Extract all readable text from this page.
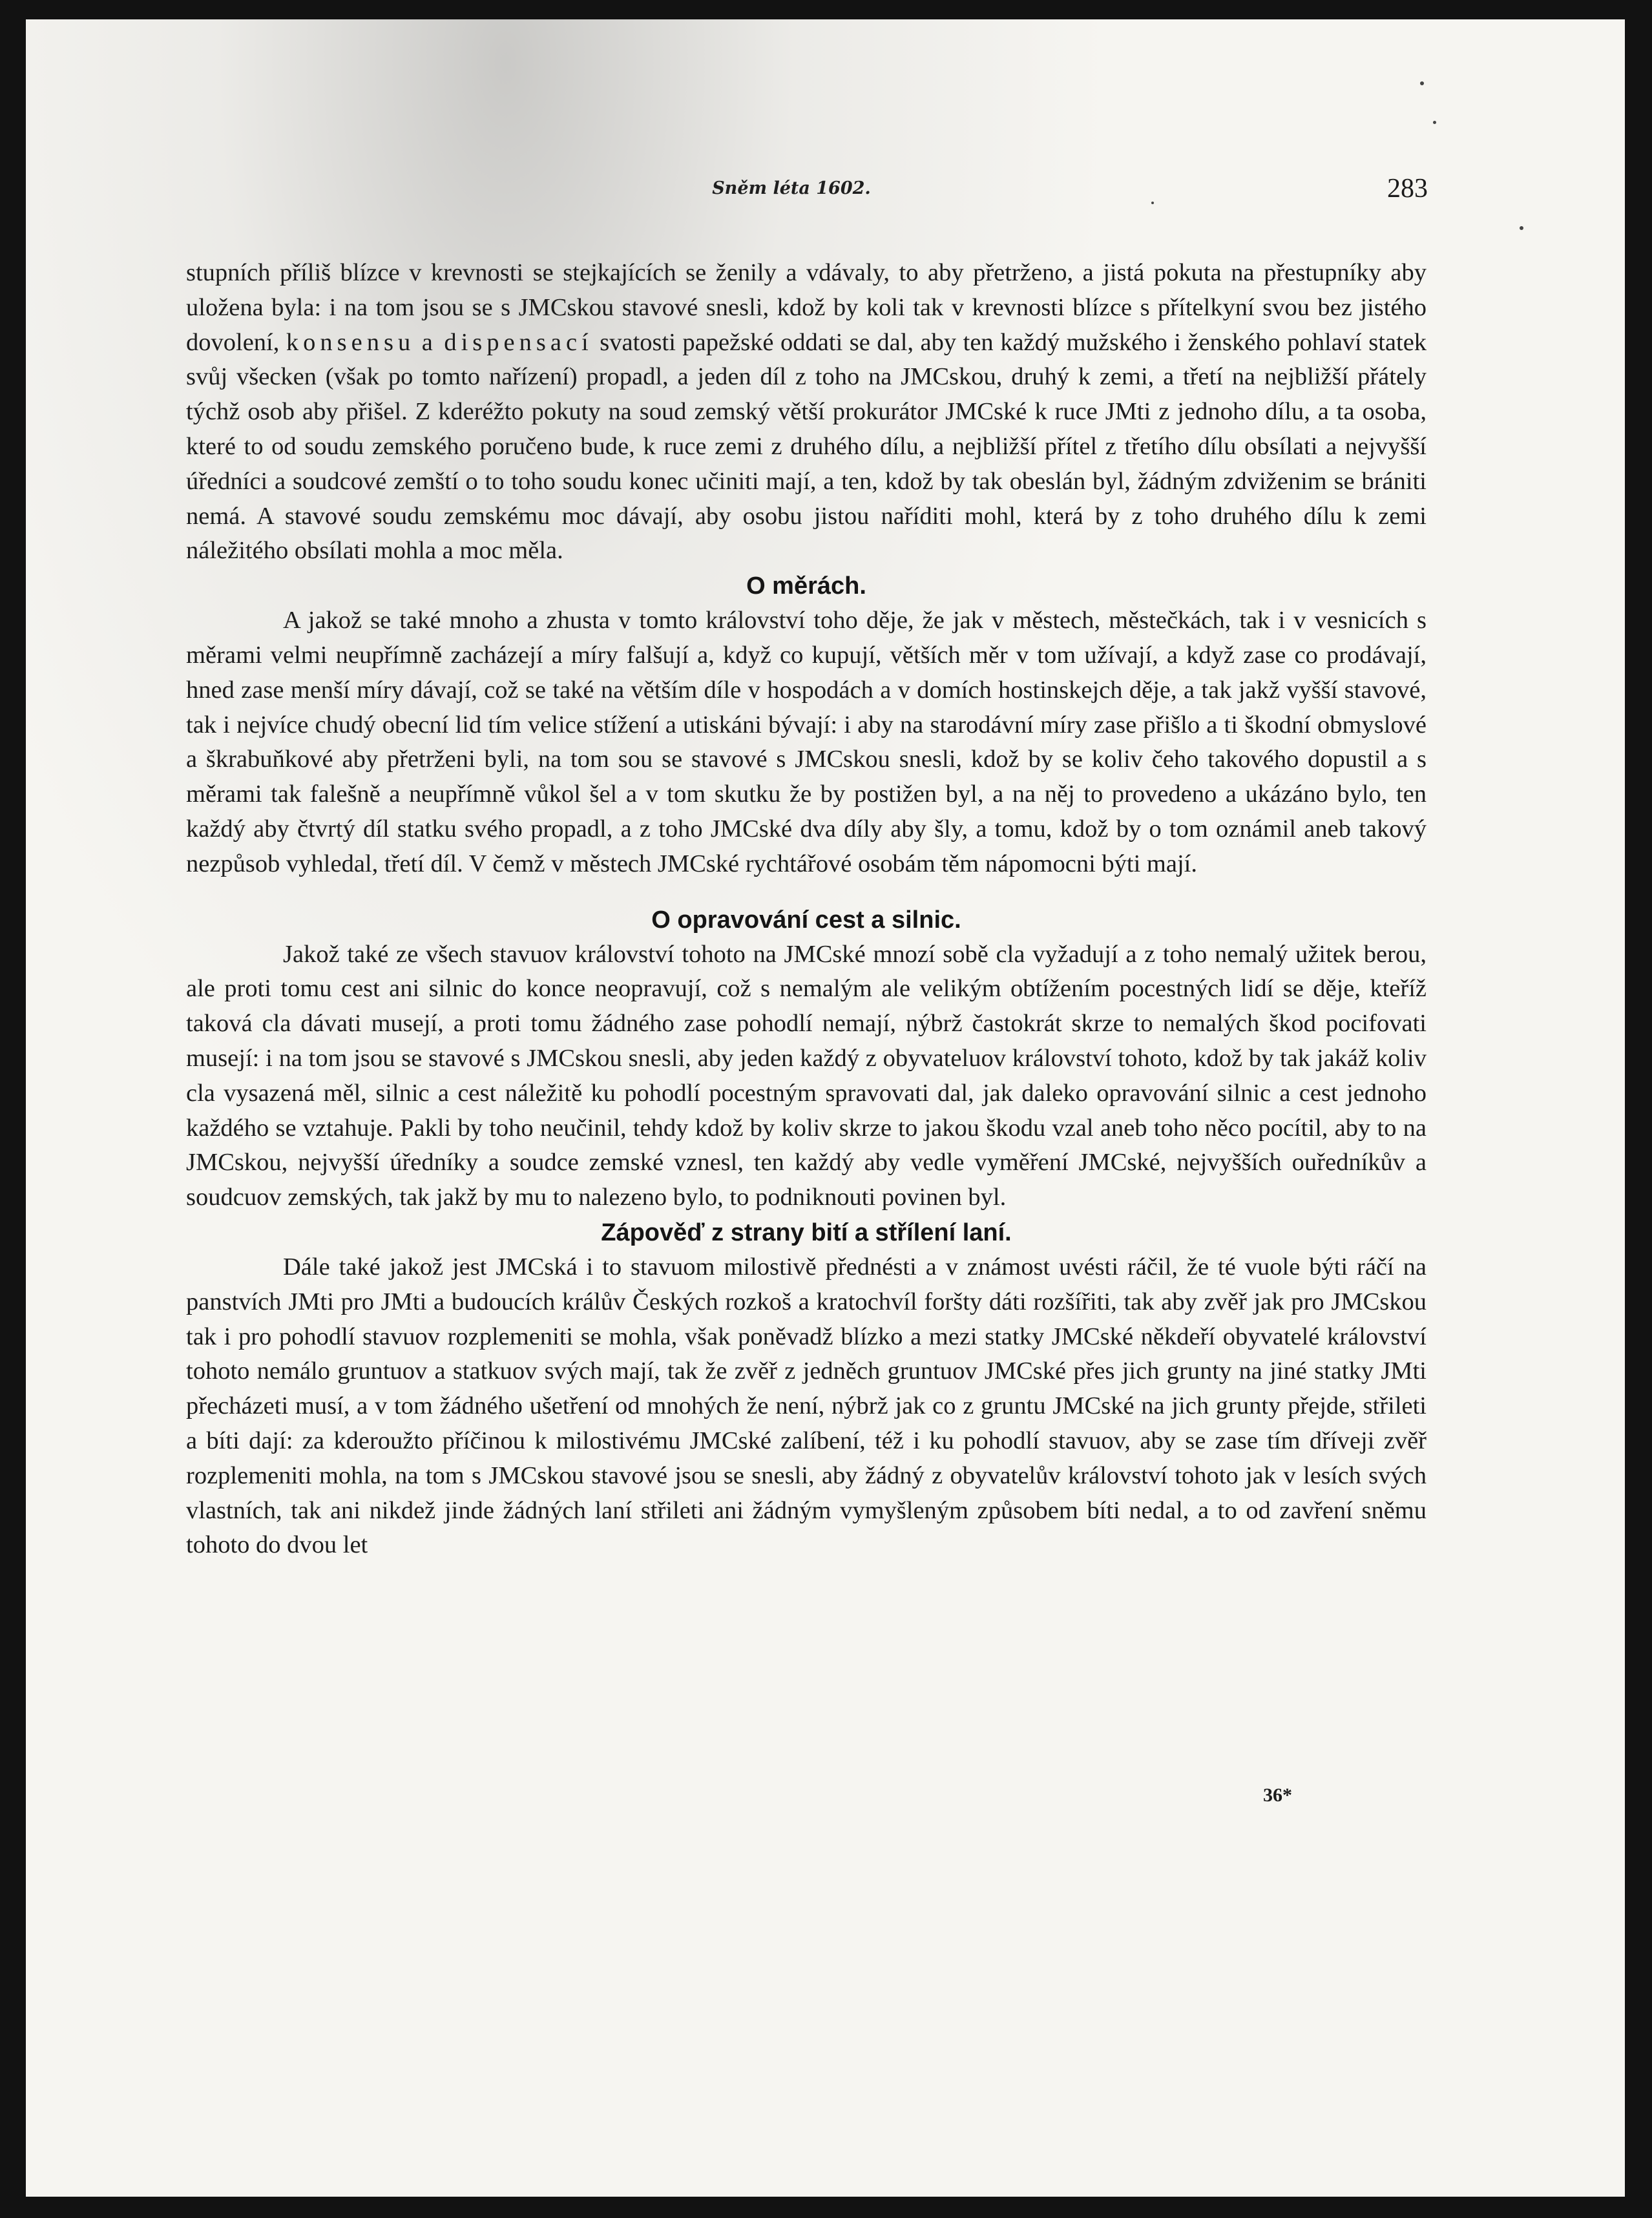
Sněm léta 1602.	283

stupních příliš blízce v krevnosti se stejkajících se ženily a vdávaly, to aby přetrženo, a jistá pokuta na přestupníky aby uložena byla: i na tom jsou se s JMCskou stavové snesli, kdož by koli tak v krevnosti blízce s přítelkyní svou bez jistého dovolení, konsensu a dispensací svatosti papežské oddati se dal, aby ten každý mužského i ženského pohlaví statek svůj všecken (však po tomto nařízení) propadl, a jeden díl z toho na JMCskou, druhý k zemi, a třetí na nejbližší přátely týchž osob aby přišel. Z kderéžto pokuty na soud zemský větší prokurátor JMCské k ruce JMti z jednoho dílu, a ta osoba, které to od soudu zemského poručeno bude, k ruce zemi z druhého dílu, a nejbližší přítel z třetího dílu obsílati a nejvyšší úředníci a soudcové zemští o to toho soudu konec učiniti mají, a ten, kdož by tak obeslán byl, žádným zdviženim se brániti nemá. A stavové soudu zemskému moc dávají, aby osobu jistou naříditi mohl, která by z toho druhého dílu k zemi náležitého obsílati mohla a moc měla.

O měrách.

A jakož se také mnoho a zhusta v tomto království toho děje, že jak v městech, městečkách, tak i v vesnicích s měrami velmi neupřímně zacházejí a míry falšují a, když co kupují, větších měr v tom užívají, a když zase co prodávají, hned zase menší míry dávají, což se také na větším díle v hospodách a v domích hostinskejch děje, a tak jakž vyšší stavové, tak i nejvíce chudý obecní lid tím velice stížení a utiskáni bývají: i aby na starodávní míry zase přišlo a ti škodní obmyslové a škrabuňkové aby přetrženi byli, na tom sou se stavové s JMCskou snesli, kdož by se koliv čeho takového dopustil a s měrami tak falešně a neupřímně vůkol šel a v tom skutku že by postižen byl, a na něj to provedeno a ukázáno bylo, ten každý aby čtvrtý díl statku svého propadl, a z toho JMCské dva díly aby šly, a tomu, kdož by o tom oznámil aneb takový nezpůsob vyhledal, třetí díl. V čemž v městech JMCské rychtářové osobám těm nápomocni býti mají.

O opravování cest a silnic.

Jakož také ze všech stavuov království tohoto na JMCské mnozí sobě cla vyžadují a z toho nemalý užitek berou, ale proti tomu cest ani silnic do konce neopravují, což s nemalým ale velikým obtížením pocestných lidí se děje, kteříž taková cla dávati musejí, a proti tomu žádného zase pohodlí nemají, nýbrž častokrát skrze to nemalých škod pocifovati musejí: i na tom jsou se stavové s JMCskou snesli, aby jeden každý z obyvateluov království tohoto, kdož by tak jakáž koliv cla vysazená měl, silnic a cest náležitě ku pohodlí pocestným spravovati dal, jak daleko opravování silnic a cest jednoho každého se vztahuje. Pakli by toho neučinil, tehdy kdož by koliv skrze to jakou škodu vzal aneb toho něco pocítil, aby to na JMCskou, nejvyšší úředníky a soudce zemské vznesl, ten každý aby vedle vyměření JMCské, nejvyšších ouředníkův a soudcuov zemských, tak jakž by mu to nalezeno bylo, to podniknouti povinen byl.

Zápověď z strany bití a střílení laní.

Dále také jakož jest JMCská i to stavuom milostivě přednésti a v známost uvésti ráčil, že té vuole býti ráčí na panstvích JMti pro JMti a budoucích králův Českých rozkoš a kratochvíl foršty dáti rozšířiti, tak aby zvěř jak pro JMCskou tak i pro pohodlí stavuov rozplemeniti se mohla, však poněvadž blízko a mezi statky JMCské někdeří obyvatelé království tohoto nemálo gruntuov a statkuov svých mají, tak že zvěř z jedněch gruntuov JMCské přes jich grunty na jiné statky JMti přecházeti musí, a v tom žádného ušetření od mnohých že není, nýbrž jak co z gruntu JMCské na jich grunty přejde, střileti a bíti dají: za kderoužto příčinou k milostivému JMCské zalíbení, též i ku pohodlí stavuov, aby se zase tím dříveji zvěř rozplemeniti mohla, na tom s JMCskou stavové jsou se snesli, aby žádný z obyvatelův království tohoto jak v lesích svých vlastních, tak ani nikdež jinde žádných laní střileti ani žádným vymyšleným způsobem bíti nedal, a to od zavření sněmu tohoto do dvou let

36*
